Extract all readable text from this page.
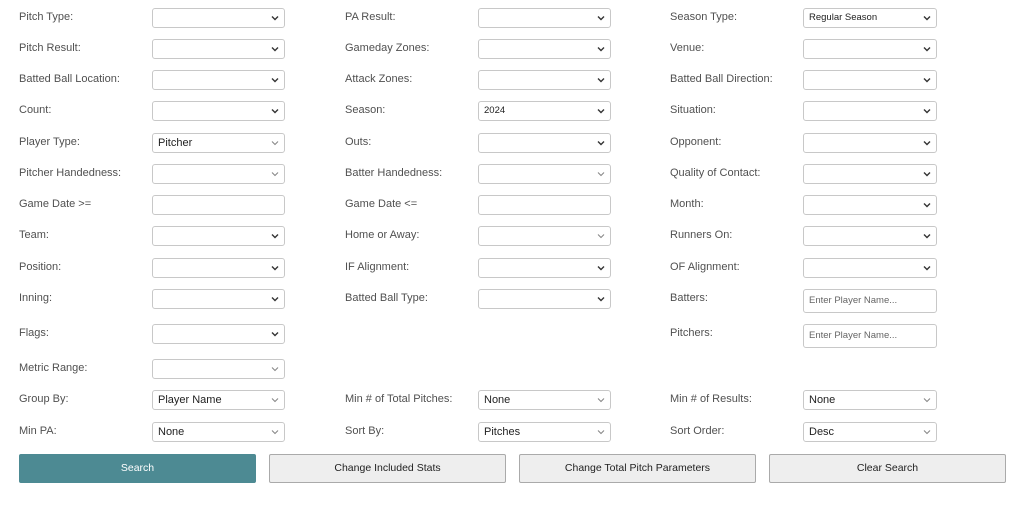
Pitch Type:
Pitch Result:
Batted Ball Location:
Count:
Player Type:	Pitcher
Pitcher Handedness:
Game Date >=
Team:
Position:
Inning:
Flags:
Metric Range:
Group By:	Player Name
Min PA:	None
PA Result:
Gameday Zones:
Attack Zones:
Season:	2024
Outs:
Batter Handedness:
Game Date <=
Home or Away:
IF Alignment:
Batted Ball Type:
Min # of Total Pitches:	None
Sort By:	Pitches
Season Type:	Regular Season
Venue:
Batted Ball Direction:
Situation:
Opponent:
Quality of Contact:
Month:
Runners On:
OF Alignment:
Batters:	Enter Player Name...
Pitchers:	Enter Player Name...
Min # of Results:	None
Sort Order:	Desc
Search	Change Included Stats	Change Total Pitch Parameters	Clear Search
